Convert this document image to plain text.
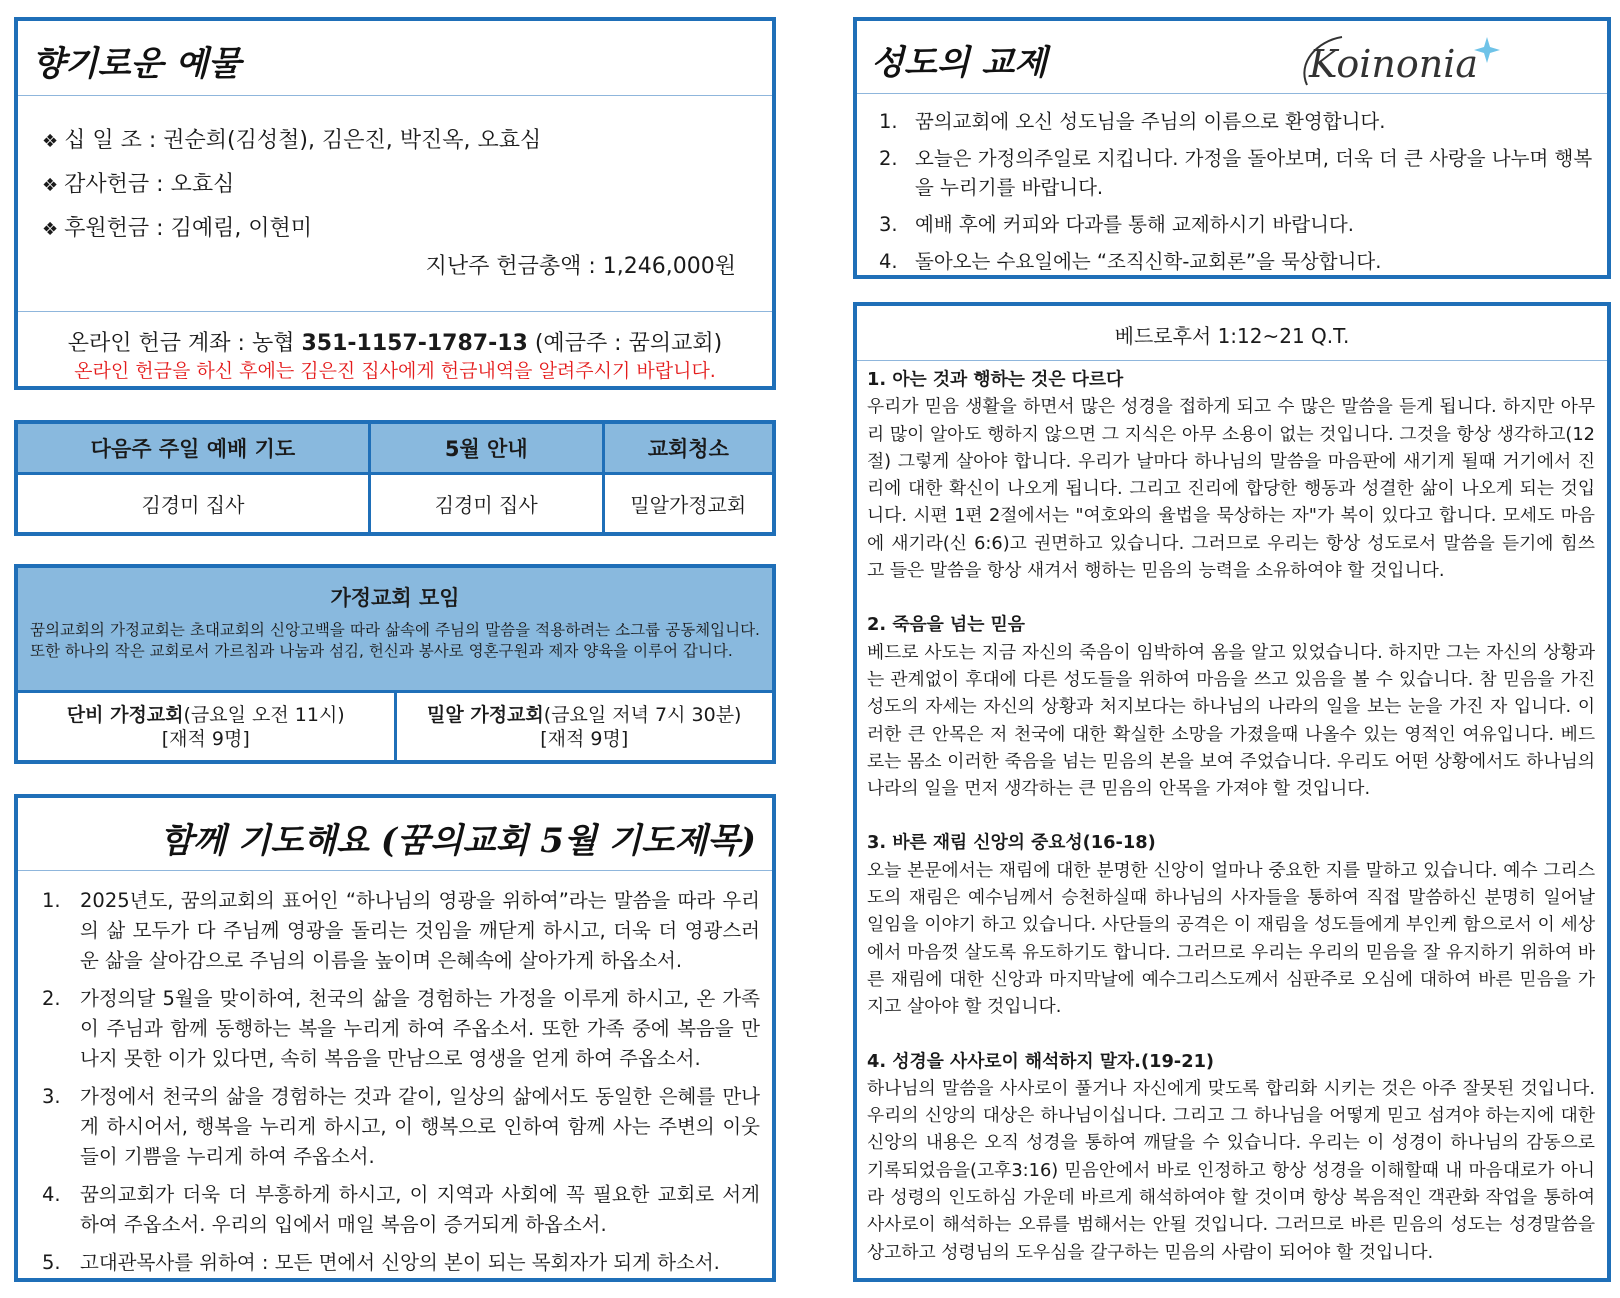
향기로운 예물
❖ 십 일 조 : 권순희(김성철), 김은진, 박진옥, 오효심
❖ 감사헌금 : 오효심
❖ 후원헌금 : 김예림, 이현미
지난주 헌금총액 : 1,246,000원
온라인 헌금 계좌 : 농협 351-1157-1787-13 (예금주 : 꿈의교회)
온라인 헌금을 하신 후에는 김은진 집사에게 헌금내역을 알려주시기 바랍니다.
다음주 주일 예배 기도	5월 안내	교회청소
김경미 집사	김경미 집사	밀알가정교회
가정교회 모임

꿈의교회의 가정교회는 초대교회의 신앙고백을 따라 삶속에 주님의 말씀을 적용하려는 소그룹 공동체입니다. 또한 하나의 작은 교회로서 가르침과 나눔과 섬김, 헌신과 봉사로 영혼구원과 제자 양육을 이루어 갑니다.

단비 가정교회(금요일 오전 11시)
[재적 9명]
밀알 가정교회(금요일 저녁 7시 30분)
[재적 9명]
함께 기도해요 (꿈의교회 5월 기도제목)
1. 2025년도, 꿈의교회의 표어인 “하나님의 영광을 위하여”라는 말씀을 따라 우리의 삶 모두가 다 주님께 영광을 돌리는 것임을 깨닫게 하시고, 더욱 더 영광스러운 삶을 살아감으로 주님의 이름을 높이며 은혜속에 살아가게 하옵소서.
2. 가정의달 5월을 맞이하여, 천국의 삶을 경험하는 가정을 이루게 하시고, 온 가족이 주님과 함께 동행하는 복을 누리게 하여 주옵소서. 또한 가족 중에 복음을 만나지 못한 이가 있다면, 속히 복음을 만남으로 영생을 얻게 하여 주옵소서.
3. 가정에서 천국의 삶을 경험하는 것과 같이, 일상의 삶에서도 동일한 은혜를 만나게 하시어서, 행복을 누리게 하시고, 이 행복으로 인하여 함께 사는 주변의 이웃들이 기쁨을 누리게 하여 주옵소서.
4. 꿈의교회가 더욱 더 부흥하게 하시고, 이 지역과 사회에 꼭 필요한 교회로 서게 하여 주옵소서. 우리의 입에서 매일 복음이 증거되게 하옵소서.
5. 고대관목사를 위하여 : 모든 면에서 신앙의 본이 되는 목회자가 되게 하소서.
성도의 교제	Koinonia
1. 꿈의교회에 오신 성도님을 주님의 이름으로 환영합니다.
2. 오늘은 가정의주일로 지킵니다. 가정을 돌아보며, 더욱 더 큰 사랑을 나누며 행복을 누리기를 바랍니다.
3. 예배 후에 커피와 다과를 통해 교제하시기 바랍니다.
4. 돌아오는 수요일에는 “조직신학-교회론”을 묵상합니다.
베드로후서 1:12~21 Q.T.
1. 아는 것과 행하는 것은 다르다

우리가 믿음 생활을 하면서 많은 성경을 접하게 되고 수 많은 말씀을 듣게 됩니다. 하지만 아무리 많이 알아도 행하지 않으면 그 지식은 아무 소용이 없는 것입니다. 그것을 항상 생각하고(12절) 그렇게 살아야 합니다. 우리가 날마다 하나님의 말씀을 마음판에 새기게 될때 거기에서 진리에 대한 확신이 나오게 됩니다. 그리고 진리에 합당한 행동과 성결한 삶이 나오게 되는 것입니다. 시편 1편 2절에서는 "여호와의 율법을 묵상하는 자"가 복이 있다고 합니다. 모세도 마음에 새기라(신 6:6)고 권면하고 있습니다. 그러므로 우리는 항상 성도로서 말씀을 듣기에 힘쓰고 들은 말씀을 항상 새겨서 행하는 믿음의 능력을 소유하여야 할 것입니다.

2. 죽음을 넘는 믿음

베드로 사도는 지금 자신의 죽음이 임박하여 옴을 알고 있었습니다. 하지만 그는 자신의 상황과는 관계없이 후대에 다른 성도들을 위하여 마음을 쓰고 있음을 볼 수 있습니다. 참 믿음을 가진 성도의 자세는 자신의 상황과 처지보다는 하나님의 나라의 일을 보는 눈을 가진 자 입니다. 이러한 큰 안목은 저 천국에 대한 확실한 소망을 가졌을때 나올수 있는 영적인 여유입니다. 베드로는 몸소 이러한 죽음을 넘는 믿음의 본을 보여 주었습니다. 우리도 어떤 상황에서도 하나님의 나라의 일을 먼저 생각하는 큰 믿음의 안목을 가져야 할 것입니다.

3. 바른 재림 신앙의 중요성(16-18)

오늘 본문에서는 재림에 대한 분명한 신앙이 얼마나 중요한 지를 말하고 있습니다. 예수 그리스도의 재림은 예수님께서 승천하실때 하나님의 사자들을 통하여 직접 말씀하신 분명히 일어날 일임을 이야기 하고 있습니다. 사단들의 공격은 이 재림을 성도들에게 부인케 함으로서 이 세상에서 마음껏 살도록 유도하기도 합니다. 그러므로 우리는 우리의 믿음을 잘 유지하기 위하여 바른 재림에 대한 신앙과 마지막날에 예수그리스도께서 심판주로 오심에 대하여 바른 믿음을 가지고 살아야 할 것입니다.

4. 성경을 사사로이 해석하지 말자.(19-21)

하나님의 말씀을 사사로이 풀거나 자신에게 맞도록 합리화 시키는 것은 아주 잘못된 것입니다. 우리의 신앙의 대상은 하나님이십니다. 그리고 그 하나님을 어떻게 믿고 섬겨야 하는지에 대한 신앙의 내용은 오직 성경을 통하여 깨달을 수 있습니다. 우리는 이 성경이 하나님의 감동으로 기록되었음을(고후3:16) 믿음안에서 바로 인정하고 항상 성경을 이해할때 내 마음대로가 아니라 성령의 인도하심 가운데 바르게 해석하여야 할 것이며 항상 복음적인 객관화 작업을 통하여 사사로이 해석하는 오류를 범해서는 안될 것입니다. 그러므로 바른 믿음의 성도는 성경말씀을 상고하고 성령님의 도우심을 갈구하는 믿음의 사람이 되어야 할 것입니다.
